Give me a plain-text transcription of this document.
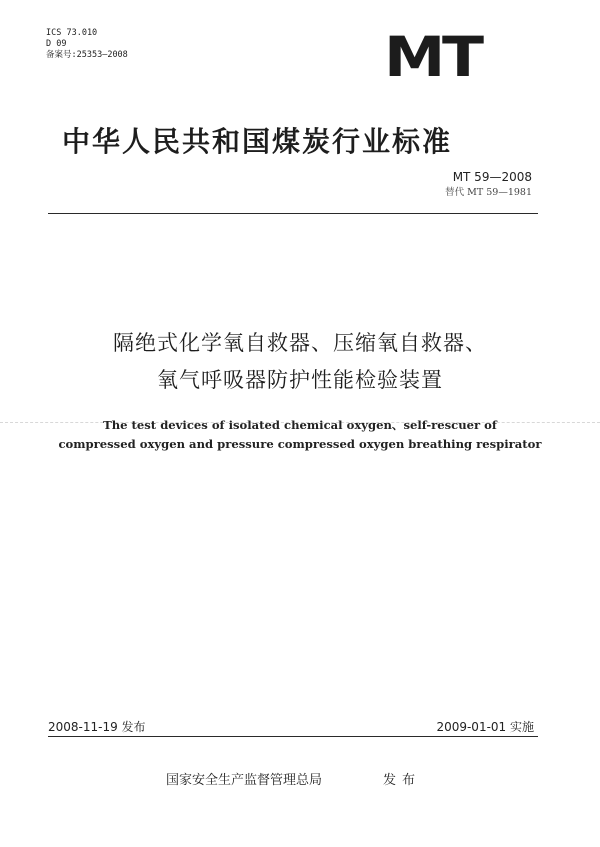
ICS 73.010
D 09
备案号:25353—2008	MT
中华人民共和国煤炭行业标准
MT 59—2008
替代 MT 59—1981
隔绝式化学氧自救器、压缩氧自救器、
氧气呼吸器防护性能检验装置
The test devices of isolated chemical oxygen、self-rescuer of
compressed oxygen and pressure compressed oxygen breathing respirator
2008-11-19 发布	2009-01-01 实施
国家安全生产监督管理总局	发布
